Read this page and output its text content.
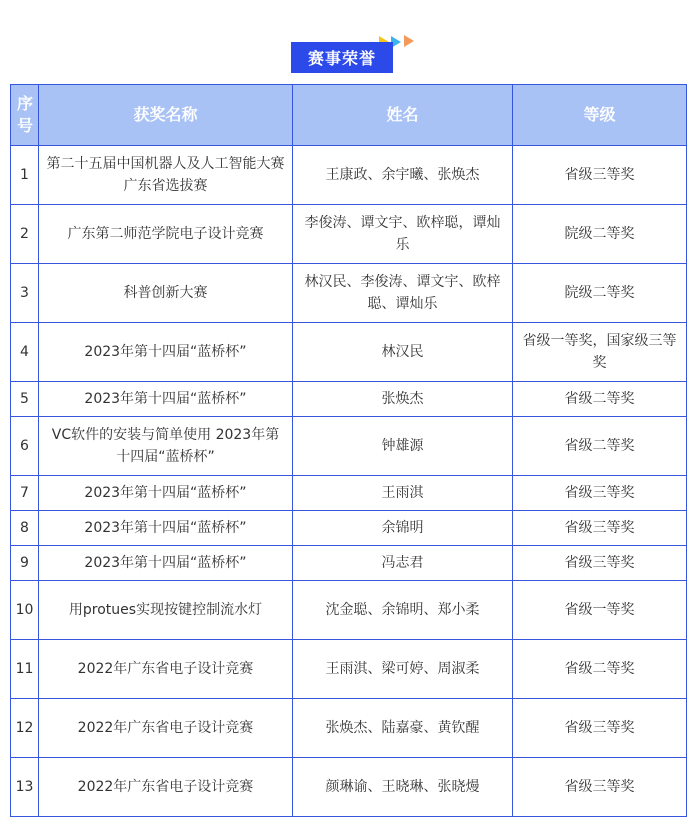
赛事荣誉
序号	获奖名称	姓名	等级
1	第二十五届中国机器人及人工智能大赛广东省选拔赛	王康政、余宇曦、张焕杰	省级三等奖
2	广东第二师范学院电子设计竞赛	李俊涛、谭文宇、欧梓聪，谭灿乐	院级二等奖
3	科普创新大赛	林汉民、李俊涛、谭文宇、欧梓聪、谭灿乐	院级二等奖
4	2023年第十四届“蓝桥杯”	林汉民	省级一等奖，国家级三等奖
5	2023年第十四届“蓝桥杯”	张焕杰	省级二等奖
6	VC软件的安装与简单使用 2023年第十四届“蓝桥杯”	钟雄源	省级二等奖
7	2023年第十四届“蓝桥杯”	王雨淇	省级三等奖
8	2023年第十四届“蓝桥杯”	余锦明	省级三等奖
9	2023年第十四届“蓝桥杯”	冯志君	省级三等奖
10	用protues实现按键控制流水灯	沈金聪、余锦明、郑小柔	省级一等奖
11	2022年广东省电子设计竞赛	王雨淇、梁可婷、周淑柔	省级二等奖
12	2022年广东省电子设计竞赛	张焕杰、陆嘉豪、黄钦醒	省级三等奖
13	2022年广东省电子设计竞赛	颜琳谕、王晓琳、张晓熳	省级三等奖
